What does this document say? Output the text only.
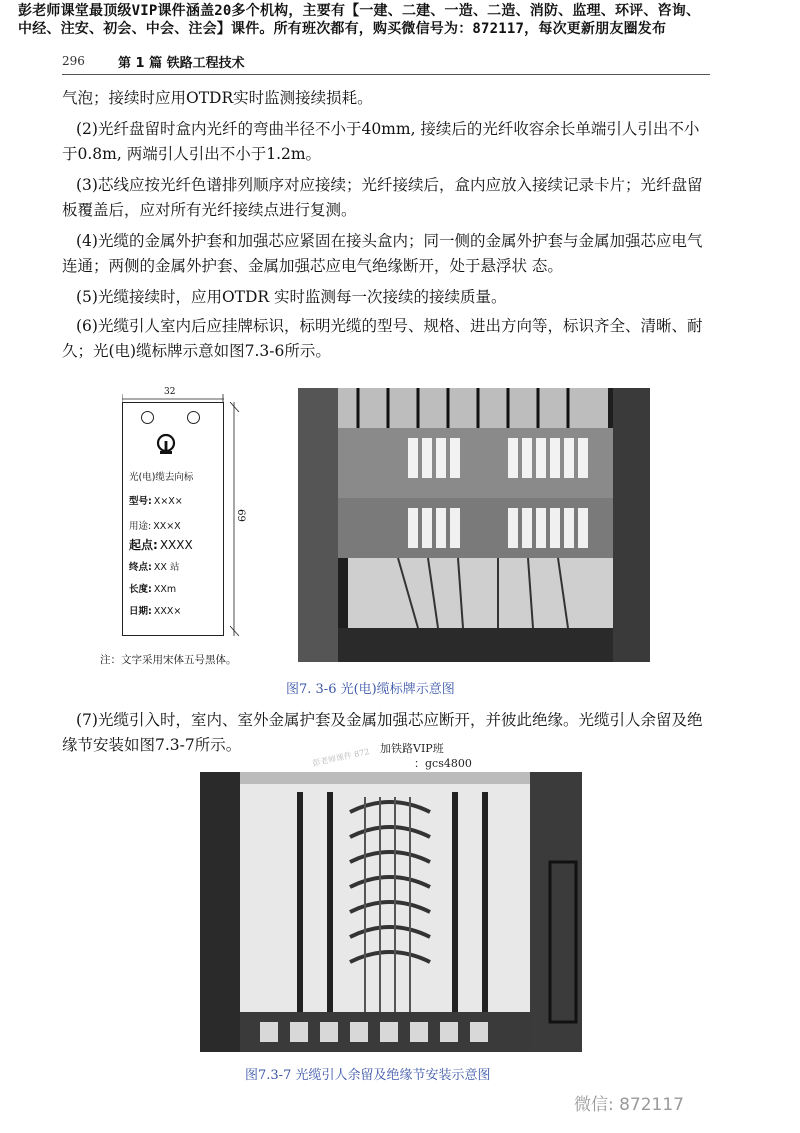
彭老师课堂最顶级VIP课件涵盖20多个机构，主要有【一建、二建、一造、二造、消防、监理、环评、咨询、
中经、注安、初会、中会、注会】课件。所有班次都有，购买微信号为：872117，每次更新朋友圈发布
296	第 1 篇 铁路工程技术

气泡；接续时应用OTDR实时监测接续损耗。

(2)光纤盘留时盒内光纤的弯曲半径不小于40mm, 接续后的光纤收容余长单端引人引出不小于0.8m, 两端引人引出不小于1.2m。

(3)芯线应按光纤色谱排列顺序对应接续；光纤接续后，盒内应放入接续记录卡片；光纤盘留板覆盖后，应对所有光纤接续点进行复测。

(4)光缆的金属外护套和加强芯应紧固在接头盒内；同一侧的金属外护套与金属加强芯应电气连通；两侧的金属外护套、金属加强芯应电气绝缘断开，处于悬浮状 态。

(5)光缆接续时，应用OTDR 实时监测每一次接续的接续质量。

(6)光缆引人室内后应挂牌标识，标明光缆的型号、规格、进出方向等，标识齐全、清晰、耐久；光(电)缆标牌示意如图7.3-6所示。

32
69
光(电)缆去向标
型号: X×X×
用途: XX×X
起点: XXXX
终点: XX 站
长度: XXm
日期: XXX×
注：文字采用宋体五号黑体。
图7. 3-6 光(电)缆标牌示意图

(7)光缆引入时，室内、室外金属护套及金属加强芯应断开，并彼此绝缘。光缆引人余留及绝缘节安装如图7.3-7所示。	加铁路VIP班
：gcs4800
彭老师课件 872
图7.3-7 光缆引人余留及绝缘节安装示意图
微信: 872117
